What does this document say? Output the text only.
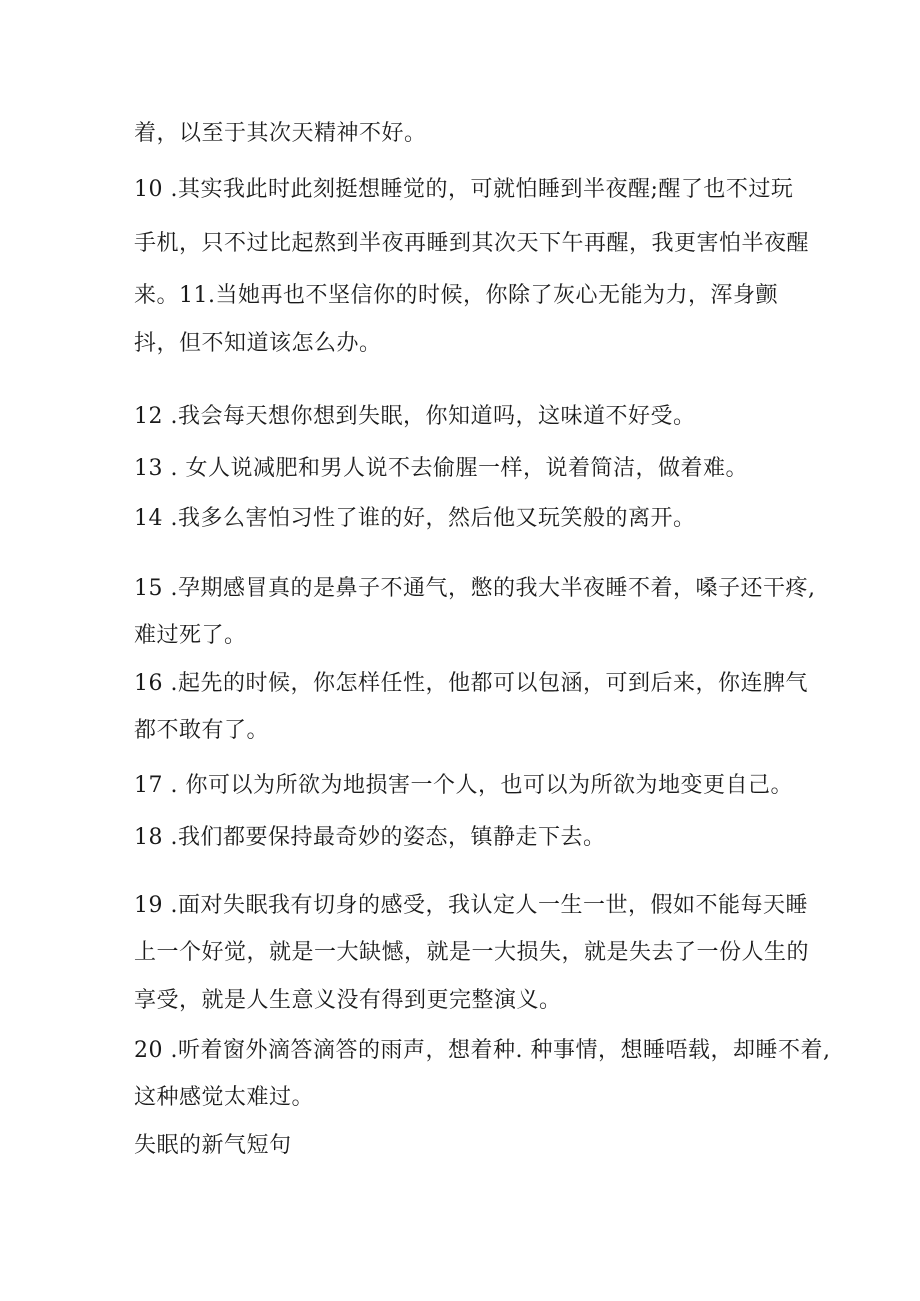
着，以至于其次天精神不好。
10 .其实我此时此刻挺想睡觉的，可就怕睡到半夜醒;醒了也不过玩
手机，只不过比起熬到半夜再睡到其次天下午再醒，我更害怕半夜醒
来。11.当她再也不坚信你的时候，你除了灰心无能为力，浑身颤
抖，但不知道该怎么办。
12 .我会每天想你想到失眠，你知道吗，这味道不好受。
13 . 女人说减肥和男人说不去偷腥一样，说着简洁，做着难。
14 .我多么害怕习性了谁的好，然后他又玩笑般的离开。
15 .孕期感冒真的是鼻子不通气，憋的我大半夜睡不着，嗓子还干疼,
难过死了。
16 .起先的时候，你怎样任性，他都可以包涵，可到后来，你连脾气
都不敢有了。
17 . 你可以为所欲为地损害一个人，也可以为所欲为地变更自己。
18 .我们都要保持最奇妙的姿态，镇静走下去。
19 .面对失眠我有切身的感受，我认定人一生一世，假如不能每天睡
上一个好觉，就是一大缺憾，就是一大损失，就是失去了一份人生的
享受，就是人生意义没有得到更完整演义。
20 .听着窗外滴答滴答的雨声，想着种. 种事情，想睡唔载，却睡不着,
这种感觉太难过。
失眠的新气短句
